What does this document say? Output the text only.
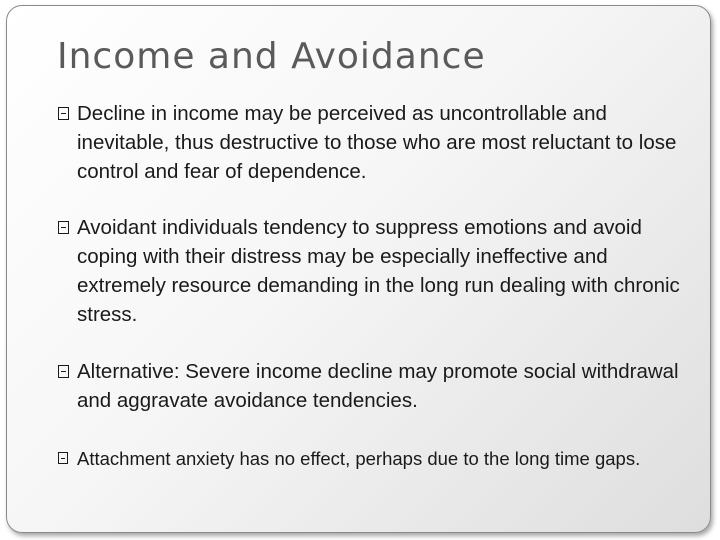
Income and Avoidance
Decline in income may be perceived as uncontrollable and inevitable, thus destructive to those who are most reluctant to lose control and fear of dependence.
Avoidant individuals tendency to suppress emotions and avoid coping with their distress may be especially ineffective and extremely resource demanding in the long run dealing with chronic stress.
Alternative: Severe income decline may promote social withdrawal and aggravate avoidance tendencies.
Attachment anxiety has no effect, perhaps due to the long time gaps.
